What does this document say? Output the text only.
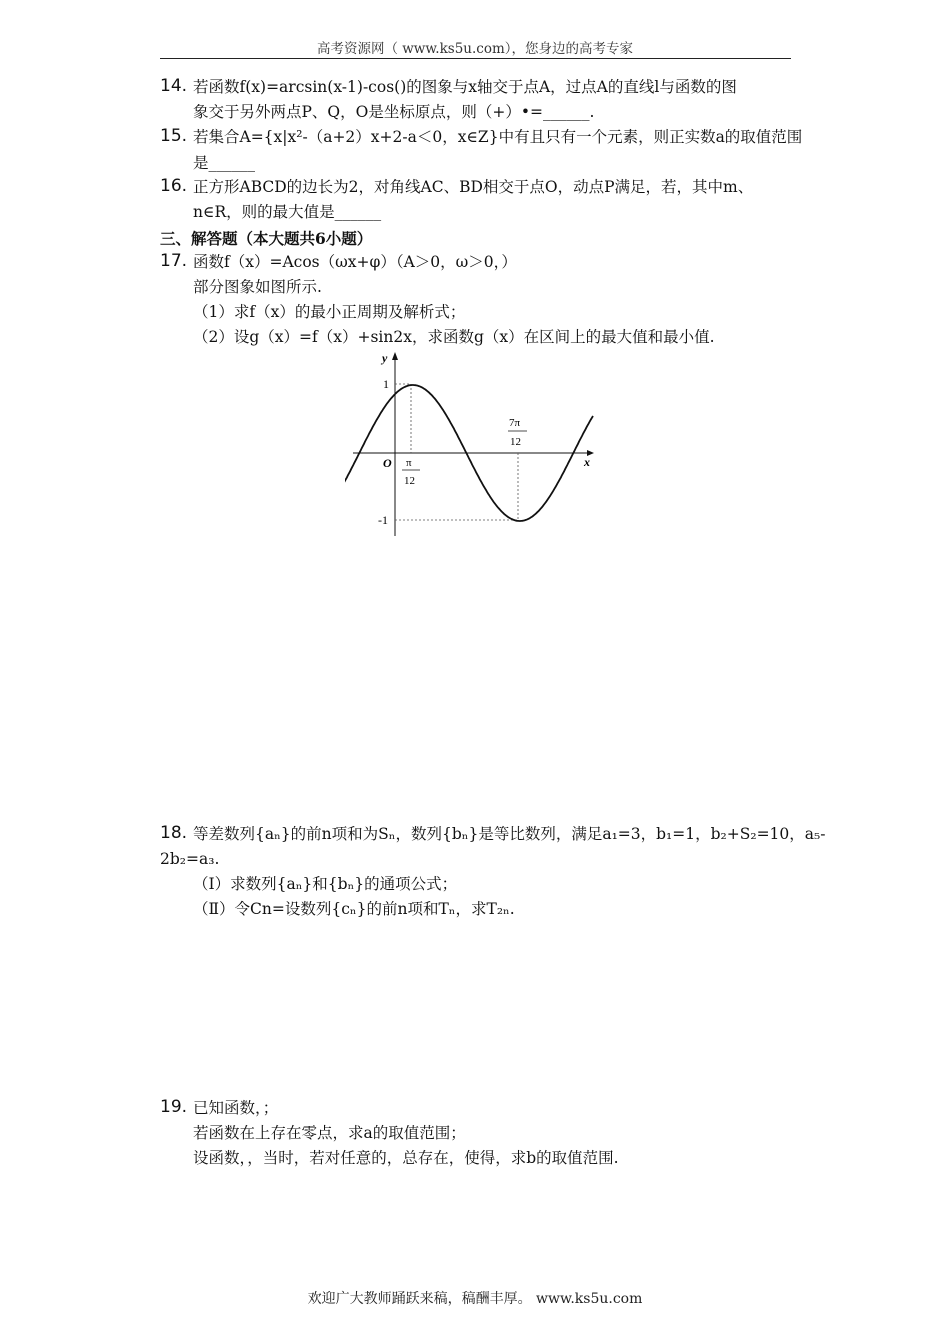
高考资源网（ www.ks5u.com），您身边的高考专家
14. 若函数f(x)=arcsin(x-1)-cos()的图象与x轴交于点A，过点A的直线l与函数的图
象交于另外两点P、Q，O是坐标原点，则（+）•=______.
15. 若集合A={x|x²-（a+2）x+2-a＜0，x∈Z}中有且只有一个元素，则正实数a的取值范围
是______
16. 正方形ABCD的边长为2，对角线AC、BD相交于点O，动点P满足，若，其中m、
n∈R，则的最大值是______
三、解答题（本大题共6小题）
17. 函数f（x）=Acos（ωx+φ）（A＞0，ω＞0，）
部分图象如图所示.
（1）求f（x）的最小正周期及解析式；
（2）设g（x）=f（x）+sin2x，求函数g（x）在区间上的最大值和最小值.
y
x
O
1
-1
π
12
7π
12
18. 等差数列{aₙ}的前n项和为Sₙ，数列{bₙ}是等比数列，满足a₁=3，b₁=1，b₂+S₂=10，a₅-
2b₂=a₃.
（Ⅰ）求数列{aₙ}和{bₙ}的通项公式；
（Ⅱ）令Cn=设数列{cₙ}的前n项和Tₙ，求T₂ₙ.
19. 已知函数，；
若函数在上存在零点，求a的取值范围；
设函数，，当时，若对任意的，总存在，使得，求b的取值范围.
欢迎广大教师踊跃来稿，稿酬丰厚。 www.ks5u.com
